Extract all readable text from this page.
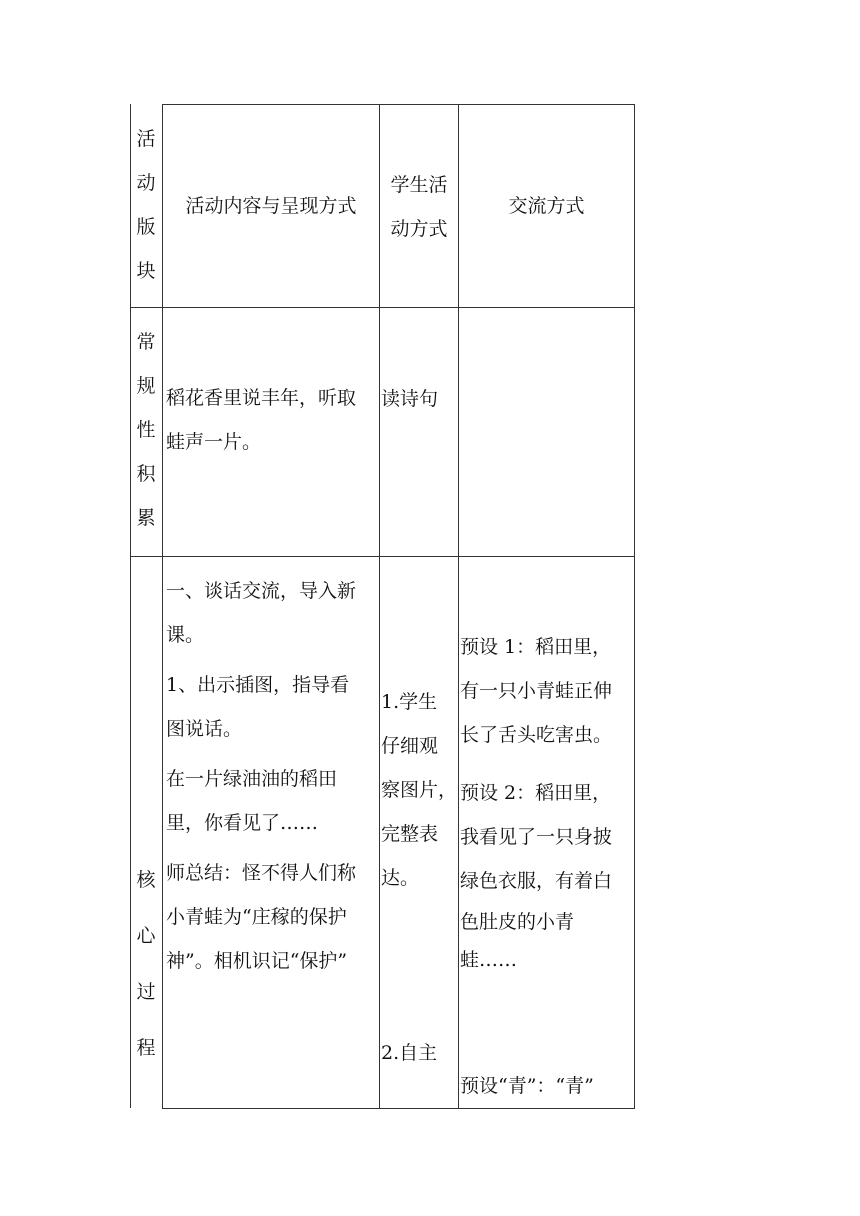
活
动
版
块
活动内容与呈现方式
学生活
动方式
交流方式
常
规
性
积
累
稻花香里说丰年，听取
蛙声一片。
读诗句
核
心
过
程
一、谈话交流，导入新
课。
1、出示插图，指导看
图说话。
在一片绿油油的稻田
里，你看见了……
师总结：怪不得人们称
小青蛙为“庄稼的保护
神”。相机识记“保护”
1.学生
仔细观
察图片，
完整表
达。
2.自主
预设 1：稻田里，
有一只小青蛙正伸
长了舌头吃害虫。
预设 2：稻田里，
我看见了一只身披
绿色衣服，有着白
色肚皮的小青
蛙……
预设“青”：“青”
